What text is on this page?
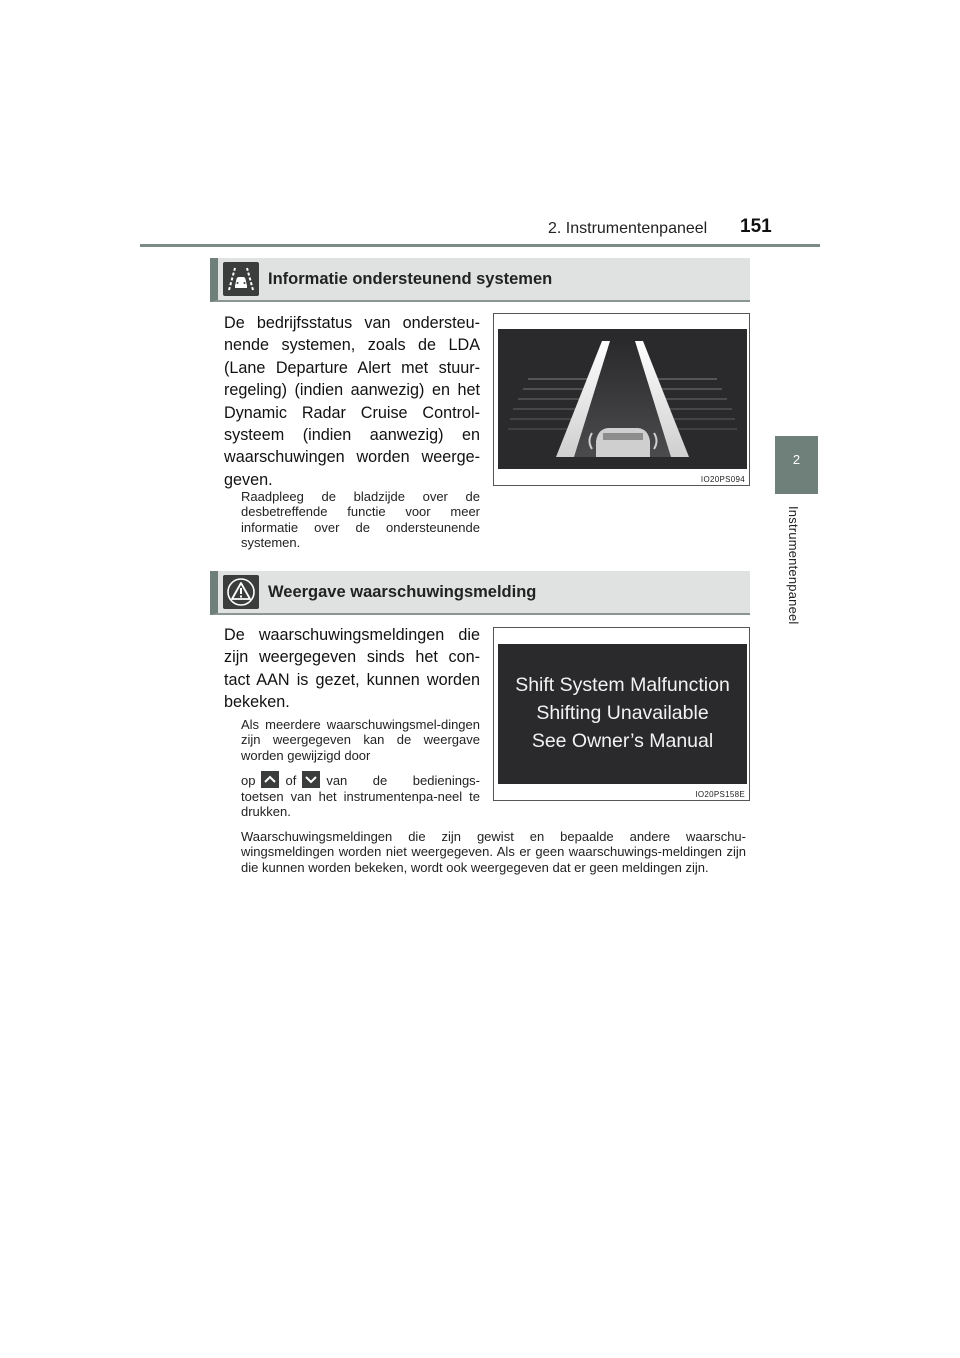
2. Instrumentenpaneel 151
2
Instrumentenpaneel
Informatie ondersteunend systemen
De bedrijfsstatus van ondersteu-nende systemen, zoals de LDA (Lane Departure Alert met stuur-regeling) (indien aanwezig) en het Dynamic Radar Cruise Control-systeem (indien aanwezig) en waarschuwingen worden weerge-geven.
Raadpleeg de bladzijde over de desbetreffende functie voor meer informatie over de ondersteunende systemen.
IO20PS094
Weergave waarschuwingsmelding
De waarschuwingsmeldingen die zijn weergegeven sinds het con-tact AAN is gezet, kunnen worden bekeken.
Als meerdere waarschuwingsmel-dingen zijn weergegeven kan de weergave worden gewijzigd door
op of van de bedienings-
toetsen van het instrumentenpa-neel te drukken.
Shift System Malfunction
Shifting Unavailable
See Owner’s Manual
IO20PS158E
Waarschuwingsmeldingen die zijn gewist en bepaalde andere waarschu-wingsmeldingen worden niet weergegeven. Als er geen waarschuwings-meldingen zijn die kunnen worden bekeken, wordt ook weergegeven dat er geen meldingen zijn.
